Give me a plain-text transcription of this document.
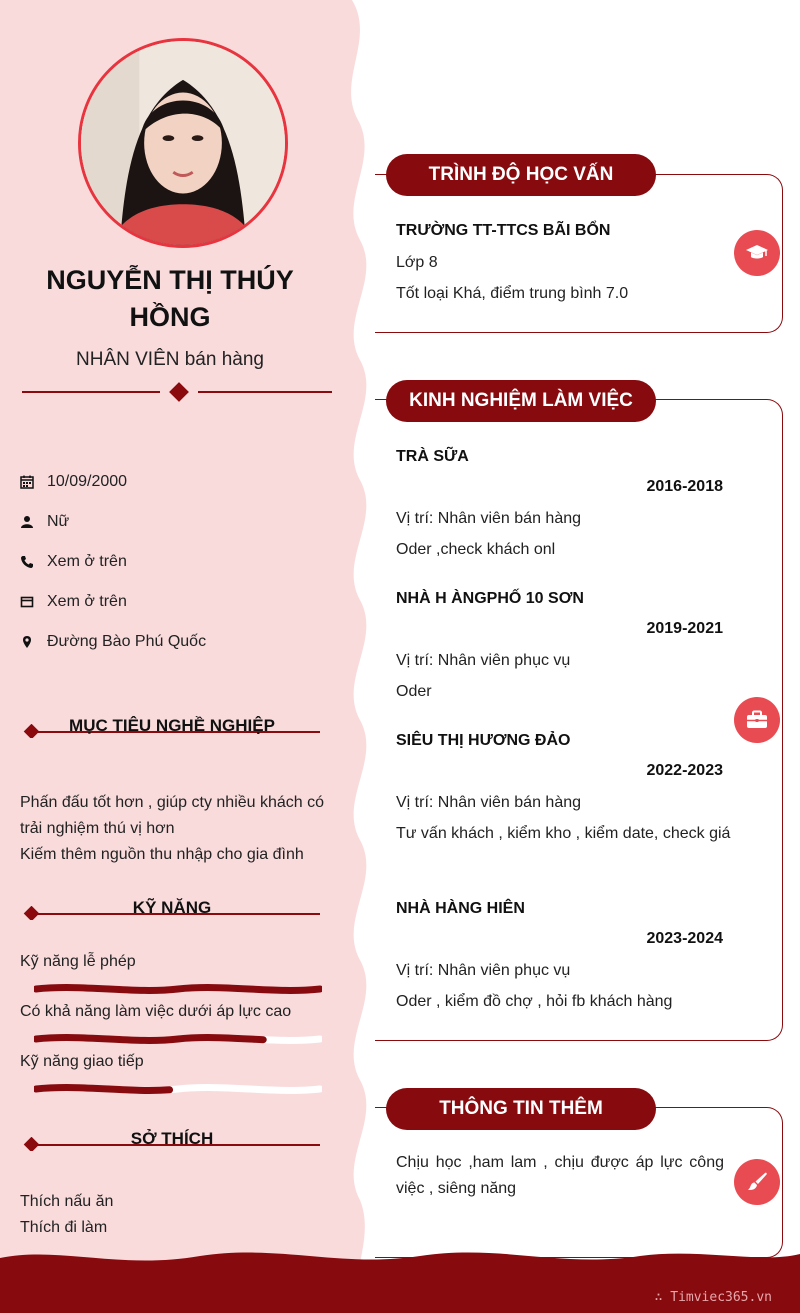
NGUYỄN THỊ THÚY HỒNG
NHÂN VIÊN bán hàng
10/09/2000
Nữ
Xem ở trên
Xem ở trên
Đường Bào Phú Quốc
MỤC TIÊU NGHỀ NGHIỆP
Phấn đấu tốt hơn , giúp cty nhiều khách có
trải nghiệm thú vị hơn
Kiếm thêm nguồn thu nhập cho gia đình
KỸ NĂNG
Kỹ năng lễ phép
Có khả năng làm việc dưới áp lực cao
Kỹ năng giao tiếp
SỞ THÍCH
Thích nấu ăn
Thích đi làm
TRÌNH ĐỘ HỌC VẤN
TRƯỜNG TT-TTCS BÃI BỔN
Lớp 8
Tốt loại Khá, điểm trung bình 7.0
KINH NGHIỆM LÀM VIỆC
TRÀ SỮA
2016-2018
Vị trí: Nhân viên bán hàng
Oder ,check khách onl
NHÀ H ÀNGPHỐ 10 SƠN
2019-2021
Vị trí: Nhân viên phục vụ
Oder
SIÊU THỊ HƯƠNG ĐẢO
2022-2023
Vị trí: Nhân viên bán hàng
Tư vấn khách , kiểm kho , kiểm date, check giá
NHÀ HÀNG HIÊN
2023-2024
Vị trí: Nhân viên phục vụ
Oder , kiểm đồ chợ , hỏi fb khách hàng
THÔNG TIN THÊM
Chịu học ,ham lam , chịu được áp lực công việc , siêng năng
∴ Timviec365.vn
